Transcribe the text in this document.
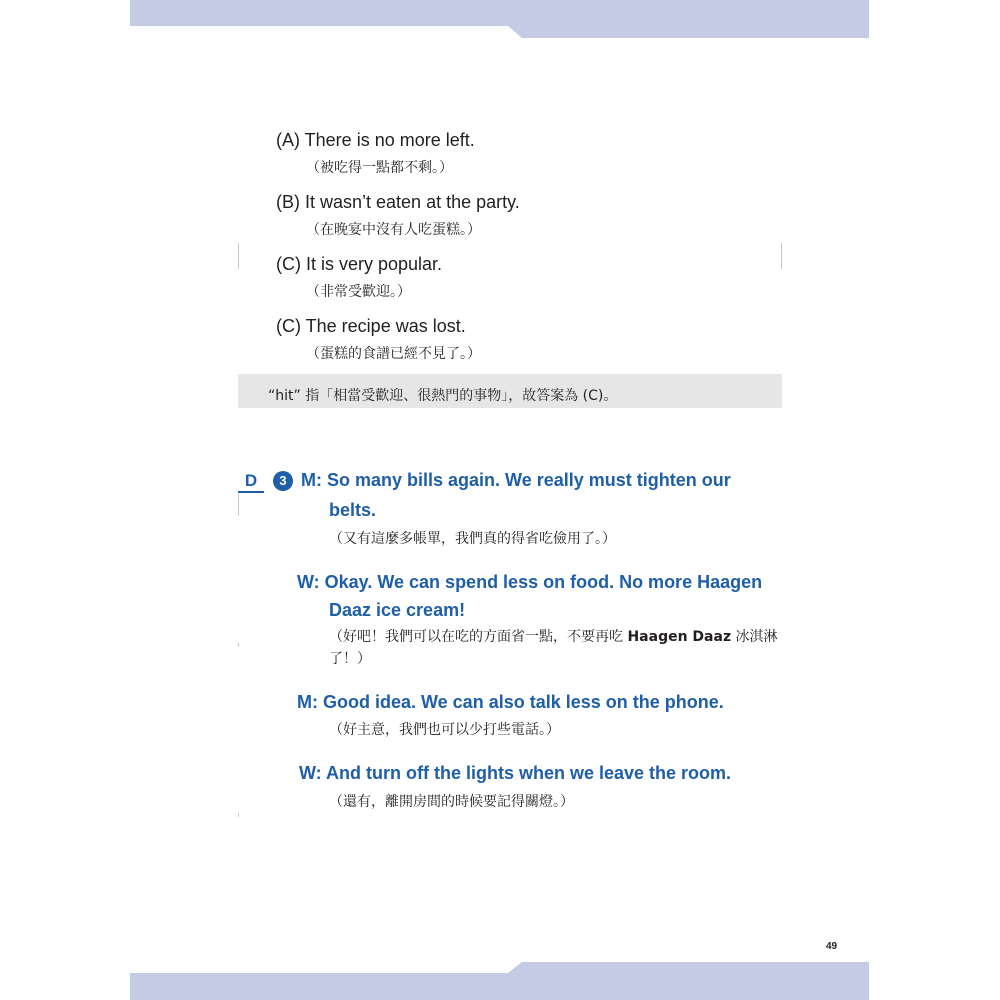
(A) There is no more left.
（被吃得一點都不剩。）
(B) It wasn’t eaten at the party.
（在晚宴中沒有人吃蛋糕。）
(C) It is very popular.
（非常受歡迎。）
(C) The recipe was lost.
（蛋糕的食譜已經不見了。）
“hit” 指「相當受歡迎、很熱門的事物」，故答案為 (C)。
D	3 M: So many bills again. We really must tighten our
belts.
（又有這麼多帳單，我們真的得省吃儉用了。）
W: Okay. We can spend less on food. No more Haagen
Daaz ice cream!
（好吧！我們可以在吃的方面省一點，不要再吃 Haagen Daaz 冰淇淋了！）
M: Good idea. We can also talk less on the phone.
（好主意，我們也可以少打些電話。）
W: And turn off the lights when we leave the room.
（還有，離開房間的時候要記得關燈。）
49
